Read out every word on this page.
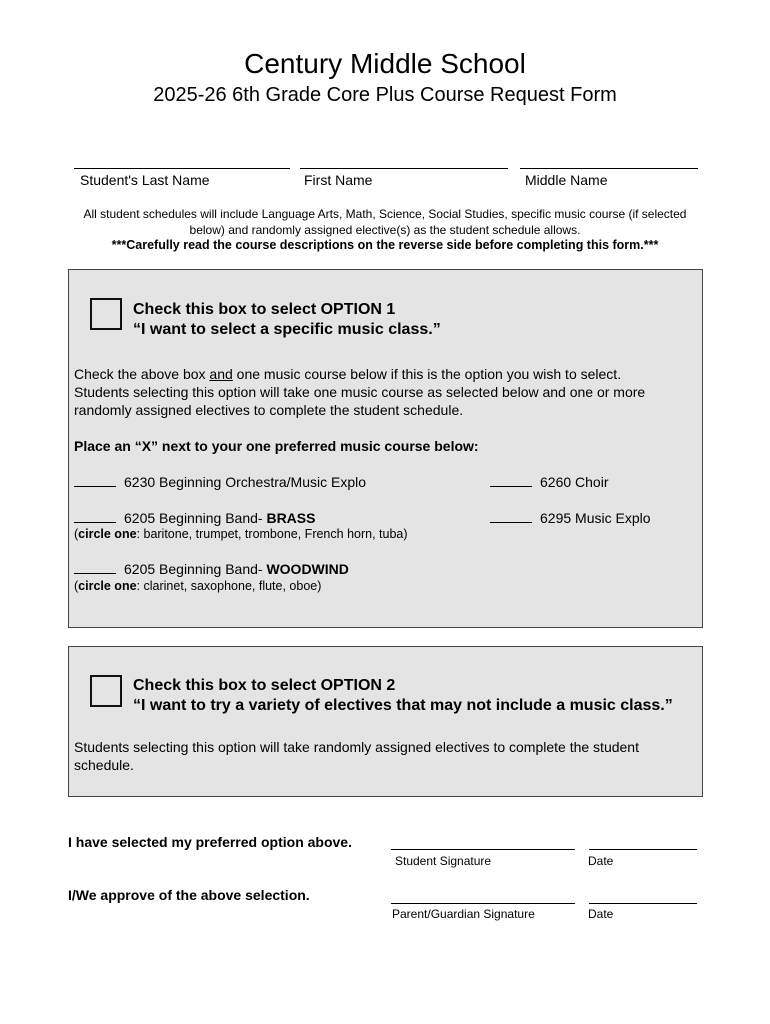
Century Middle School
2025-26 6th Grade Core Plus Course Request Form
Student's Last Name	First Name	Middle Name
All student schedules will include Language Arts, Math, Science, Social Studies, specific music course (if selected
below) and randomly assigned elective(s) as the student schedule allows.
***Carefully read the course descriptions on the reverse side before completing this form.***
Check this box to select OPTION 1
“I want to select a specific music class.”
Check the above box and one music course below if this is the option you wish to select.
Students selecting this option will take one music course as selected below and one or more
randomly assigned electives to complete the student schedule.
Place an “X” next to your one preferred music course below:
6230 Beginning Orchestra/Music Explo	6260 Choir
6205 Beginning Band- BRASS	6295 Music Explo
(circle one: baritone, trumpet, trombone, French horn, tuba)
6205 Beginning Band- WOODWIND
(circle one: clarinet, saxophone, flute, oboe)
Check this box to select OPTION 2
“I want to try a variety of electives that may not include a music class.”
Students selecting this option will take randomly assigned electives to complete the student
schedule.
I have selected my preferred option above.
Student Signature	Date
I/We approve of the above selection.
Parent/Guardian Signature	Date
